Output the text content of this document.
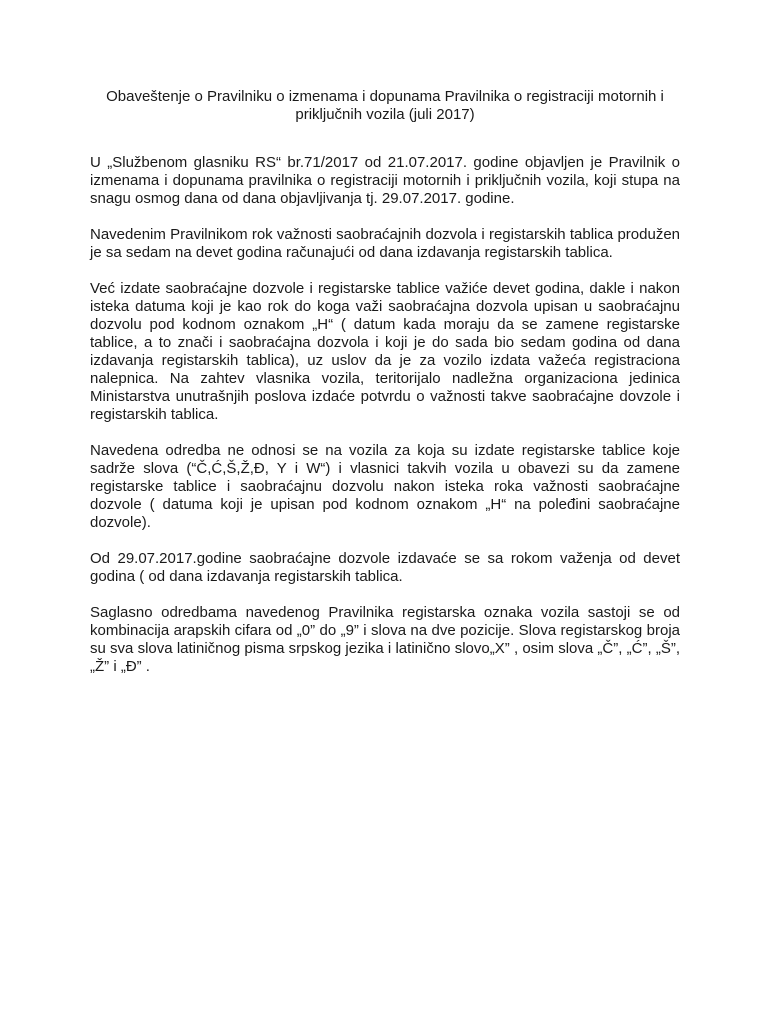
Obaveštenje o Pravilniku o izmenama i dopunama Pravilnika o registraciji motornih i priključnih vozila (juli 2017)

U „Službenom glasniku RS“ br.71/2017 od 21.07.2017. godine objavljen je Pravilnik o izmenama i dopunama pravilnika o registraciji motornih i priključnih vozila, koji stupa na snagu osmog dana od dana objavljivanja tj. 29.07.2017. godine.

Navedenim Pravilnikom rok važnosti saobraćajnih dozvola i registarskih tablica produžen je sa sedam na devet godina računajući od dana izdavanja registarskih tablica.

Već izdate saobraćajne dozvole i registarske tablice važiće devet godina, dakle i nakon isteka datuma koji je kao rok do koga važi saobraćajna dozvola upisan u saobraćajnu dozvolu pod kodnom oznakom „H“ ( datum kada moraju da se zamene registarske tablice, a to znači i saobraćajna dozvola i koji je do sada bio sedam godina od dana izdavanja registarskih tablica), uz uslov da je za vozilo izdata važeća registraciona nalepnica. Na zahtev vlasnika vozila, teritorijalo nadležna organizaciona jedinica Ministarstva unutrašnjih poslova izdaće potvrdu o važnosti takve saobraćajne dovzole i registarskih tablica.

Navedena odredba ne odnosi se na vozila za koja su izdate registarske tablice koje sadrže slova (“Č,Ć,Š,Ž,Đ, Y i W“) i vlasnici takvih vozila u obavezi su da zamene registarske tablice i saobraćajnu dozvolu nakon isteka roka važnosti saobraćajne dozvole ( datuma koji je upisan pod kodnom oznakom „H“ na poleđini saobraćajne dozvole).

Od 29.07.2017.godine saobraćajne dozvole izdavaće se sa rokom važenja od devet godina ( od dana izdavanja registarskih tablica.

Saglasno odredbama navedenog Pravilnika registarska oznaka vozila sastoji se od kombinacija arapskih cifara od „0” do „9” i slova na dve pozicije. Slova registarskog broja su sva slova latiničnog pisma srpskog jezika i latinično slovo„X” , osim slova „Č”, „Ć”, „Š”, „Ž” i „Đ” .
